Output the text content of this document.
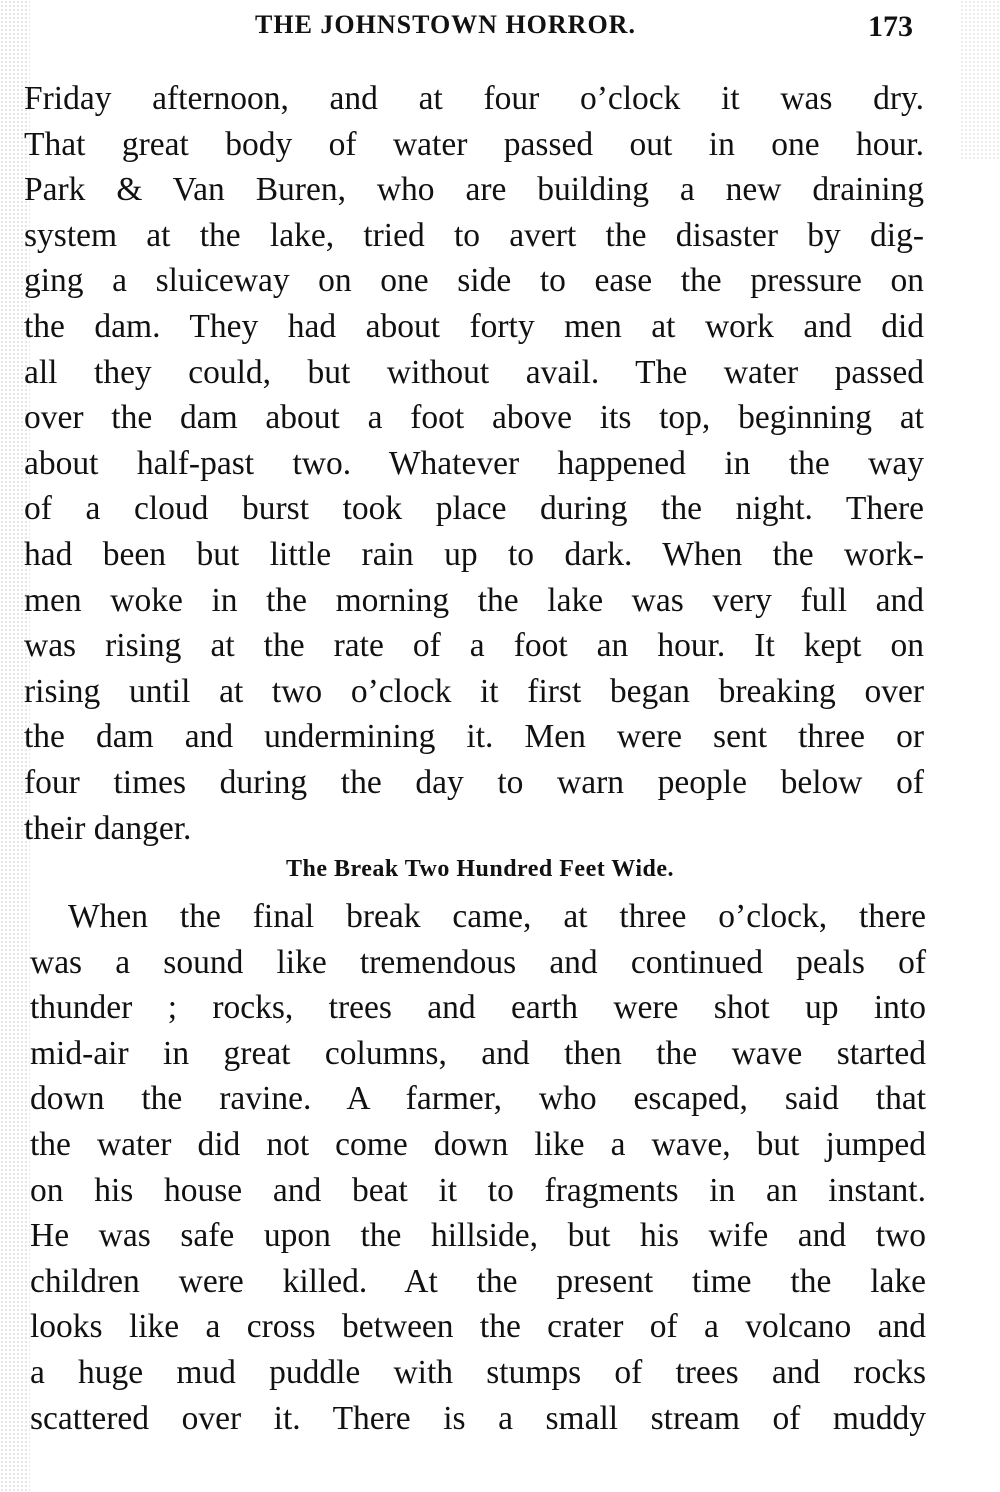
THE JOHNSTOWN HORROR.	173
Friday afternoon, and at four o’clock it was dry.
That great body of water passed out in one hour.
Park & Van Buren, who are building a new draining
system at the lake, tried to avert the disaster by dig-
ging a sluiceway on one side to ease the pressure on
the dam. They had about forty men at work and did
all they could, but without avail. The water passed
over the dam about a foot above its top, beginning at
about half-past two. Whatever happened in the way
of a cloud burst took place during the night. There
had been but little rain up to dark. When the work-
men woke in the morning the lake was very full and
was rising at the rate of a foot an hour. It kept on
rising until at two o’clock it first began breaking over
the dam and undermining it. Men were sent three or
four times during the day to warn people below of
their danger.
The Break Two Hundred Feet Wide.
When the final break came, at three o’clock, there
was a sound like tremendous and continued peals of
thunder ; rocks, trees and earth were shot up into
mid-air in great columns, and then the wave started
down the ravine. A farmer, who escaped, said that
the water did not come down like a wave, but jumped
on his house and beat it to fragments in an instant.
He was safe upon the hillside, but his wife and two
children were killed. At the present time the lake
looks like a cross between the crater of a volcano and
a huge mud puddle with stumps of trees and rocks
scattered over it. There is a small stream of muddy
